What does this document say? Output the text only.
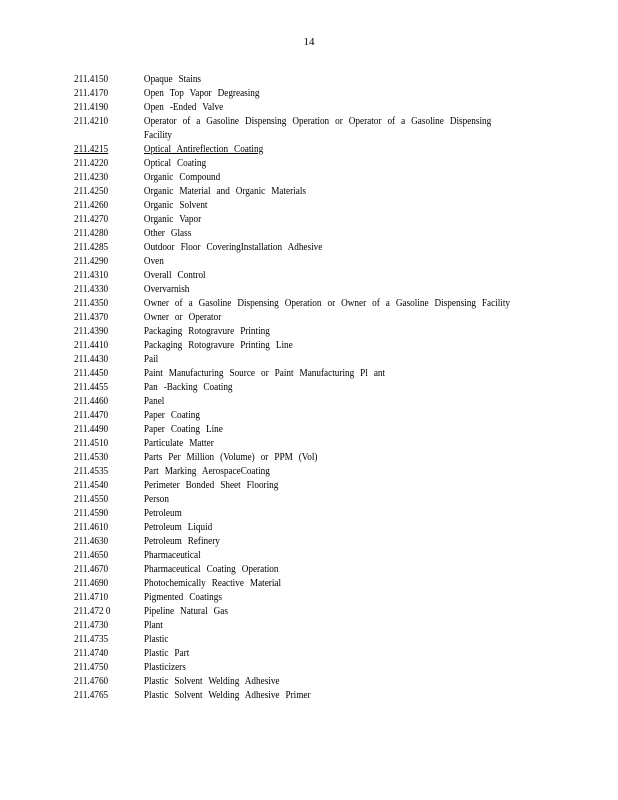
14
211.4150	Opaque Stains
211.4170	Open Top Vapor Degreasing
211.4190	Open -Ended Valve
211.4210	Operator of a Gasoline Dispensing Operation or Operator of a Gasoline Dispensing Facility
211.4215	Optical Antireflection Coating
211.4220	Optical Coating
211.4230	Organic Compound
211.4250	Organic Material and Organic Materials
211.4260	Organic Solvent
211.4270	Organic Vapor
211.4280	Other Glass
211.4285	Outdoor Floor CoveringInstallation Adhesive
211.4290	Oven
211.4310	Overall Control
211.4330	Overvarnish
211.4350	Owner of a Gasoline Dispensing Operation or Owner of a Gasoline Dispensing Facility
211.4370	Owner or Operator
211.4390	Packaging Rotogravure Printing
211.4410	Packaging Rotogravure Printing Line
211.4430	Pail
211.4450	Paint Manufacturing Source or Paint Manufacturing Pl ant
211.4455	Pan -Backing Coating
211.4460	Panel
211.4470	Paper Coating
211.4490	Paper Coating Line
211.4510	Particulate Matter
211.4530	Parts Per Million (Volume) or PPM (Vol)
211.4535	Part Marking AerospaceCoating
211.4540	Perimeter Bonded Sheet Flooring
211.4550	Person
211.4590	Petroleum
211.4610	Petroleum Liquid
211.4630	Petroleum Refinery
211.4650	Pharmaceutical
211.4670	Pharmaceutical Coating Operation
211.4690	Photochemically Reactive Material
211.4710	Pigmented Coatings
211.472 0	Pipeline Natural Gas
211.4730	Plant
211.4735	Plastic
211.4740	Plastic Part
211.4750	Plasticizers
211.4760	Plastic Solvent Welding Adhesive
211.4765	Plastic Solvent Welding Adhesive Primer
